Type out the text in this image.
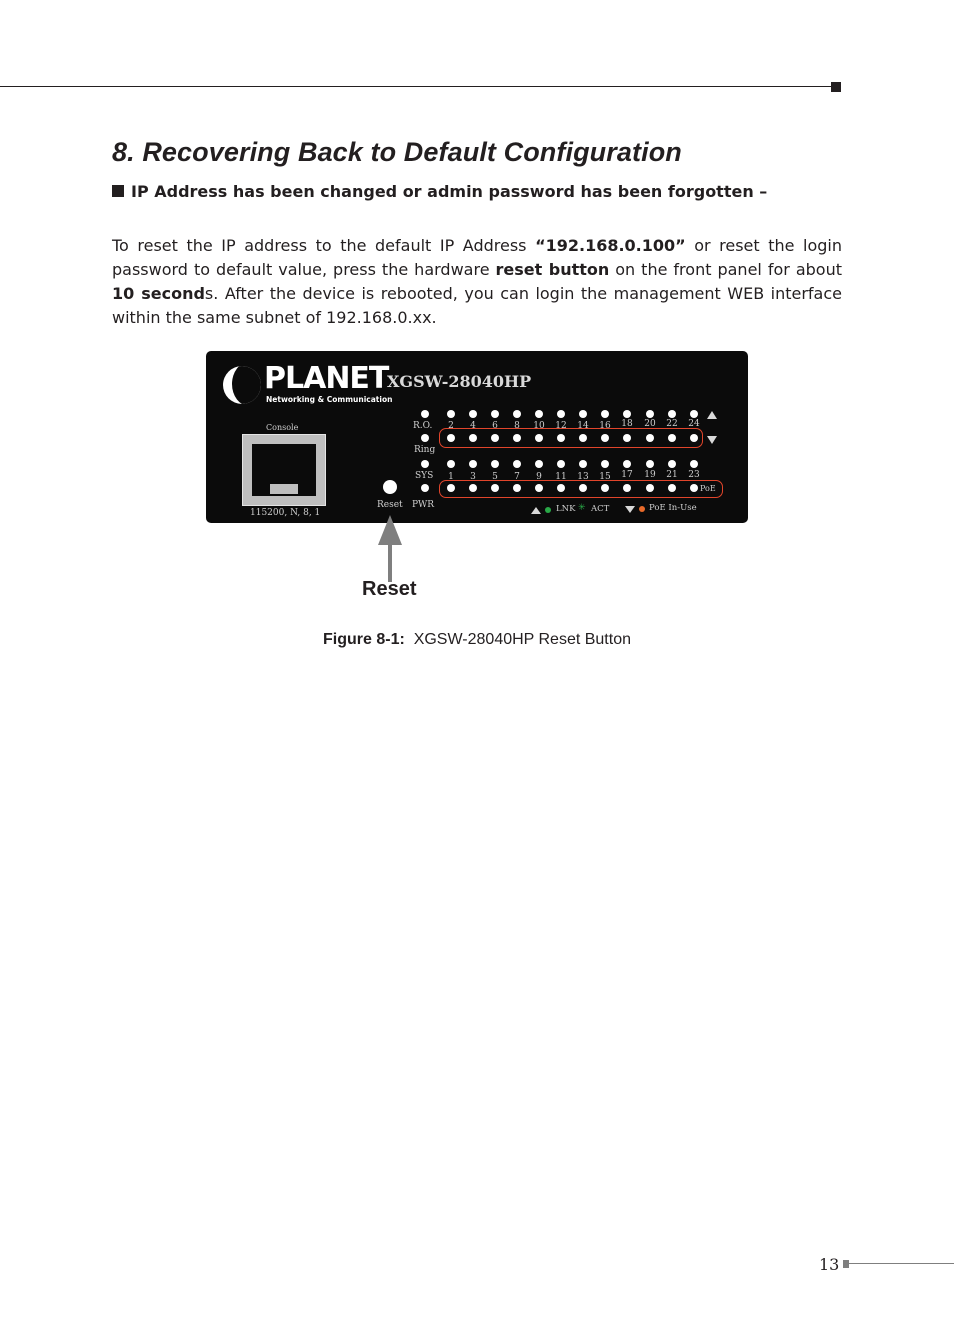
8. Recovering Back to Default Configuration
IP Address has been changed or admin password has been forgotten –

To reset the IP address to the default IP Address “192.168.0.100” or reset the login password to default value, press the hardware reset button on the front panel for about 10 seconds. After the device is rebooted, you can login the management WEB interface within the same subnet of 192.168.0.xx.

PLANET
Networking & Communication
XGSW-28040HP
Console
115200, N, 8, 1
Reset PWR
R.O.
Ring
SYS
PoE
2	4	6	8	10	12	14	16	18	20	22	24
1	3	5	7	9	11	13	15	17	19	21	23
LNK ✳ ACT	PoE In-Use
Reset
Figure 8-1: XGSW-28040HP Reset Button
13
